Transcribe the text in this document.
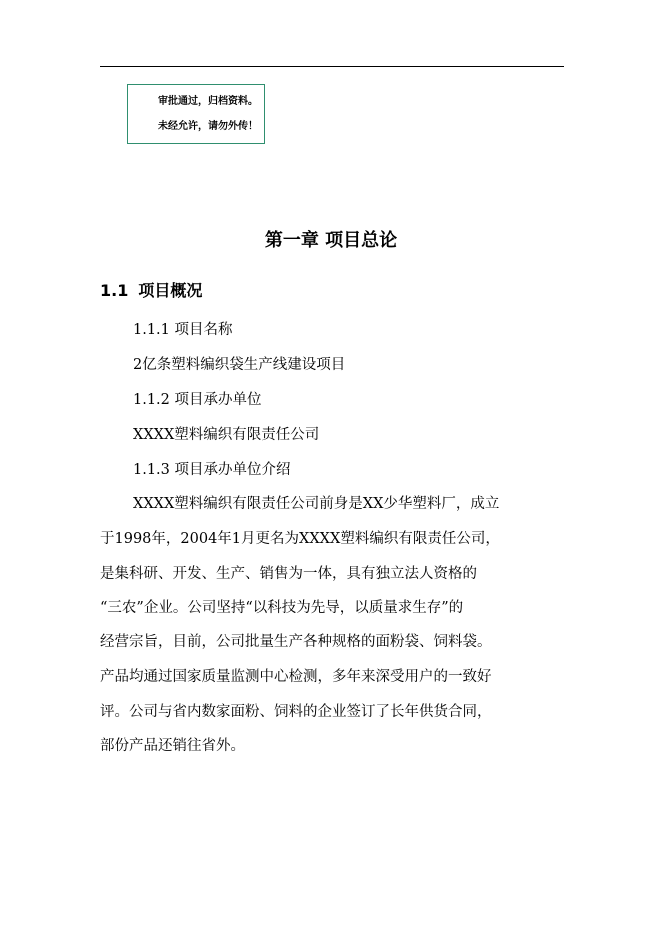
审批通过，归档资料。
未经允许，请勿外传！
第一章 项目总论
1.1 项目概况
1.1.1 项目名称
2亿条塑料编织袋生产线建设项目
1.1.2 项目承办单位
XXXX塑料编织有限责任公司
1.1.3 项目承办单位介绍
XXXX塑料编织有限责任公司前身是XX少华塑料厂，成立
于1998年，2004年1月更名为XXXX塑料编织有限责任公司，
是集科研、开发、生产、销售为一体，具有独立法人资格的
“三农”企业。公司坚持“以科技为先导，以质量求生存”的
经营宗旨，目前，公司批量生产各种规格的面粉袋、饲料袋。
产品均通过国家质量监测中心检测，多年来深受用户的一致好
评。公司与省内数家面粉、饲料的企业签订了长年供货合同，
部份产品还销往省外。
